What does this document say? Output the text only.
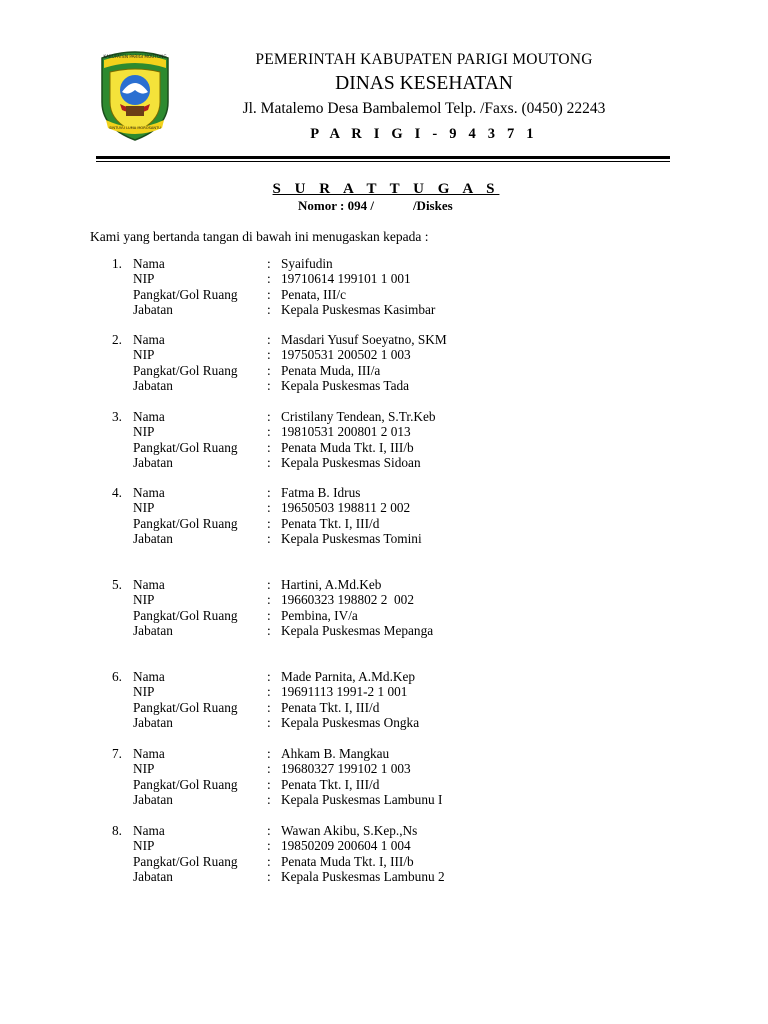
KABUPATEN PARIGI MOUTONG
SINTUVU LUMA MOROSANTU
PEMERINTAH KABUPATEN PARIGI MOUTONG
DINAS KESEHATAN
Jl. Matalemo Desa Bambalemol Telp. /Faxs. (0450) 22243
P A R I G I - 9 4 3 7 1
S U R A T T U G A S
Nomor : 094 /            /Diskes
Kami yang bertanda tangan di bawah ini menugaskan kepada :
1. Nama	: Syaifudin
NIP	: 19710614 199101 1 001
Pangkat/Gol Ruang : Penata, III/c
Jabatan	: Kepala Puskesmas Kasimbar
2. Nama	: Masdari Yusuf Soeyatno, SKM
NIP	: 19750531 200502 1 003
Pangkat/Gol Ruang : Penata Muda, III/a
Jabatan	: Kepala Puskesmas Tada
3. Nama	: Cristilany Tendean, S.Tr.Keb
NIP	: 19810531 200801 2 013
Pangkat/Gol Ruang : Penata Muda Tkt. I, III/b
Jabatan	: Kepala Puskesmas Sidoan
4. Nama	: Fatma B. Idrus
NIP	: 19650503 198811 2 002
Pangkat/Gol Ruang : Penata Tkt. I, III/d
Jabatan	: Kepala Puskesmas Tomini
5. Nama	: Hartini, A.Md.Keb
NIP	: 19660323 198802 2  002
Pangkat/Gol Ruang : Pembina, IV/a
Jabatan	: Kepala Puskesmas Mepanga
6. Nama	: Made Parnita, A.Md.Kep
NIP	: 19691113 1991-2 1 001
Pangkat/Gol Ruang : Penata Tkt. I, III/d
Jabatan	: Kepala Puskesmas Ongka
7. Nama	: Ahkam B. Mangkau
NIP	: 19680327 199102 1 003
Pangkat/Gol Ruang : Penata Tkt. I, III/d
Jabatan	: Kepala Puskesmas Lambunu I
8. Nama	: Wawan Akibu, S.Kep.,Ns
NIP	: 19850209 200604 1 004
Pangkat/Gol Ruang : Penata Muda Tkt. I, III/b
Jabatan	: Kepala Puskesmas Lambunu 2
